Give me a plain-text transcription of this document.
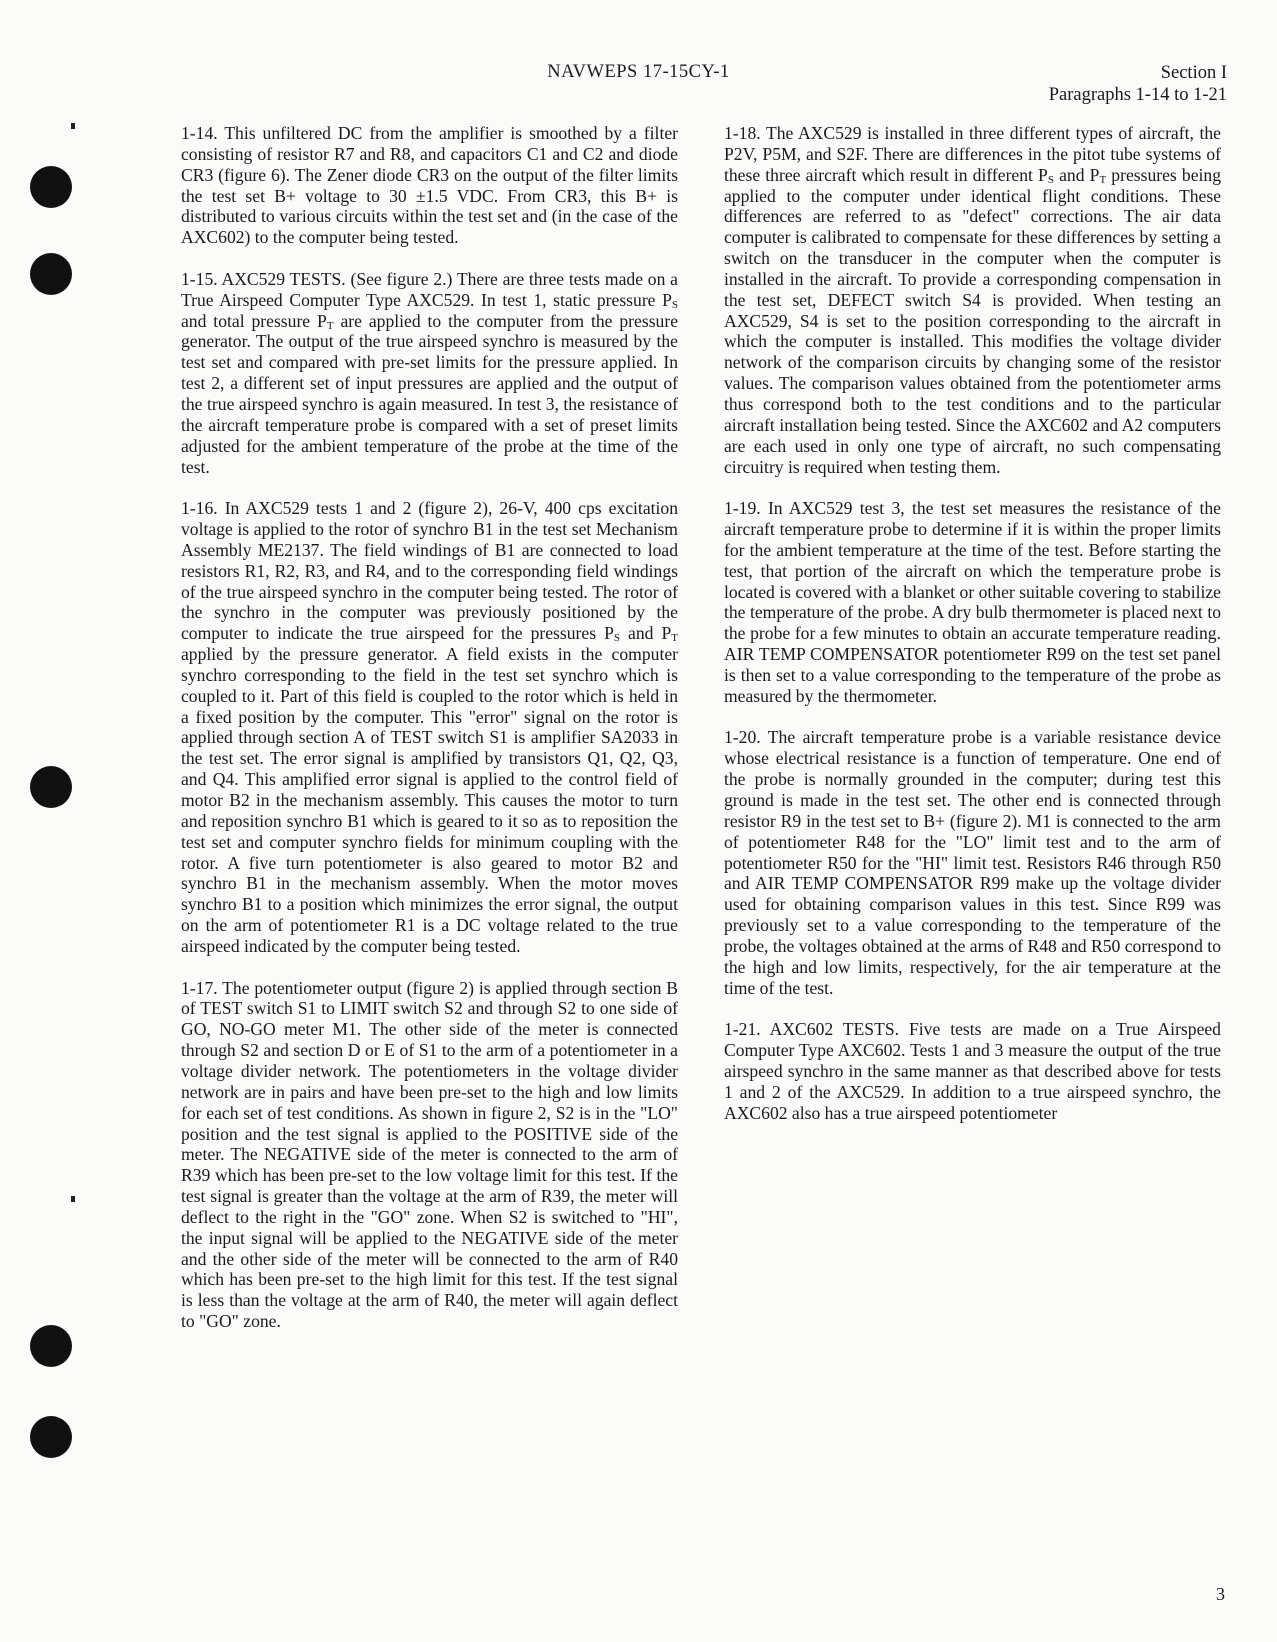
NAVWEPS 17-15CY-1	Section I
Paragraphs 1-14 to 1-21

1-14. This unfiltered DC from the amplifier is smoothed by a filter consisting of resistor R7 and R8, and capacitors C1 and C2 and diode CR3 (figure 6). The Zener diode CR3 on the output of the filter limits the test set B+ voltage to 30 ±1.5 VDC. From CR3, this B+ is distributed to various circuits within the test set and (in the case of the AXC602) to the computer being tested.

1-15. AXC529 TESTS. (See figure 2.) There are three tests made on a True Airspeed Computer Type AXC529. In test 1, static pressure $P_S$ and total pressure $P_T$ are applied to the computer from the pressure generator. The output of the true airspeed synchro is measured by the test set and compared with pre-set limits for the pressure applied. In test 2, a different set of input pressures are applied and the output of the true airspeed synchro is again measured. In test 3, the resistance of the aircraft temperature probe is compared with a set of preset limits adjusted for the ambient temperature of the probe at the time of the test.

1-16. In AXC529 tests 1 and 2 (figure 2), 26-V, 400 cps excitation voltage is applied to the rotor of synchro B1 in the test set Mechanism Assembly ME2137. The field windings of B1 are connected to load resistors R1, R2, R3, and R4, and to the corresponding field windings of the true airspeed synchro in the computer being tested. The rotor of the synchro in the computer was previously positioned by the computer to indicate the true airspeed for the pressures $P_S$ and $P_T$ applied by the pressure generator. A field exists in the computer synchro corresponding to the field in the test set synchro which is coupled to it. Part of this field is coupled to the rotor which is held in a fixed position by the computer. This "error" signal on the rotor is applied through section A of TEST switch S1 is amplifier SA2033 in the test set. The error signal is amplified by transistors Q1, Q2, Q3, and Q4. This amplified error signal is applied to the control field of motor B2 in the mechanism assembly. This causes the motor to turn and reposition synchro B1 which is geared to it so as to reposition the test set and computer synchro fields for minimum coupling with the rotor. A five turn potentiometer is also geared to motor B2 and synchro B1 in the mechanism assembly. When the motor moves synchro B1 to a position which minimizes the error signal, the output on the arm of potentiometer R1 is a DC voltage related to the true airspeed indicated by the computer being tested.

1-17. The potentiometer output (figure 2) is applied through section B of TEST switch S1 to LIMIT switch S2 and through S2 to one side of GO, NO-GO meter M1. The other side of the meter is connected through S2 and section D or E of S1 to the arm of a potentiometer in a voltage divider network. The potentiometers in the voltage divider network are in pairs and have been pre-set to the high and low limits for each set of test conditions. As shown in figure 2, S2 is in the "LO" position and the test signal is applied to the POSITIVE side of the meter. The NEGATIVE side of the meter is connected to the arm of R39 which has been pre-set to the low voltage limit for this test. If the test signal is greater than the voltage at the arm of R39, the meter will deflect to the right in the "GO" zone. When S2 is switched to "HI", the input signal will be applied to the NEGATIVE side of the meter and the other side of the meter will be connected to the arm of R40 which has been pre-set to the high limit for this test. If the test signal is less than the voltage at the arm of R40, the meter will again deflect to "GO" zone.

1-18. The AXC529 is installed in three different types of aircraft, the P2V, P5M, and S2F. There are differences in the pitot tube systems of these three aircraft which result in different $P_S$ and $P_T$ pressures being applied to the computer under identical flight conditions. These differences are referred to as "defect" corrections. The air data computer is calibrated to compensate for these differences by setting a switch on the transducer in the computer when the computer is installed in the aircraft. To provide a corresponding compensation in the test set, DEFECT switch S4 is provided. When testing an AXC529, S4 is set to the position corresponding to the aircraft in which the computer is installed. This modifies the voltage divider network of the comparison circuits by changing some of the resistor values. The comparison values obtained from the potentiometer arms thus correspond both to the test conditions and to the particular aircraft installation being tested. Since the AXC602 and A2 computers are each used in only one type of aircraft, no such compensating circuitry is required when testing them.

1-19. In AXC529 test 3, the test set measures the resistance of the aircraft temperature probe to determine if it is within the proper limits for the ambient temperature at the time of the test. Before starting the test, that portion of the aircraft on which the temperature probe is located is covered with a blanket or other suitable covering to stabilize the temperature of the probe. A dry bulb thermometer is placed next to the probe for a few minutes to obtain an accurate temperature reading. AIR TEMP COMPENSATOR potentiometer R99 on the test set panel is then set to a value corresponding to the temperature of the probe as measured by the thermometer.

1-20. The aircraft temperature probe is a variable resistance device whose electrical resistance is a function of temperature. One end of the probe is normally grounded in the computer; during test this ground is made in the test set. The other end is connected through resistor R9 in the test set to B+ (figure 2). M1 is connected to the arm of potentiometer R48 for the "LO" limit test and to the arm of potentiometer R50 for the "HI" limit test. Resistors R46 through R50 and AIR TEMP COMPENSATOR R99 make up the voltage divider used for obtaining comparison values in this test. Since R99 was previously set to a value corresponding to the temperature of the probe, the voltages obtained at the arms of R48 and R50 correspond to the high and low limits, respectively, for the air temperature at the time of the test.

1-21. AXC602 TESTS. Five tests are made on a True Airspeed Computer Type AXC602. Tests 1 and 3 measure the output of the true airspeed synchro in the same manner as that described above for tests 1 and 2 of the AXC529. In addition to a true airspeed synchro, the AXC602 also has a true airspeed potentiometer

3
